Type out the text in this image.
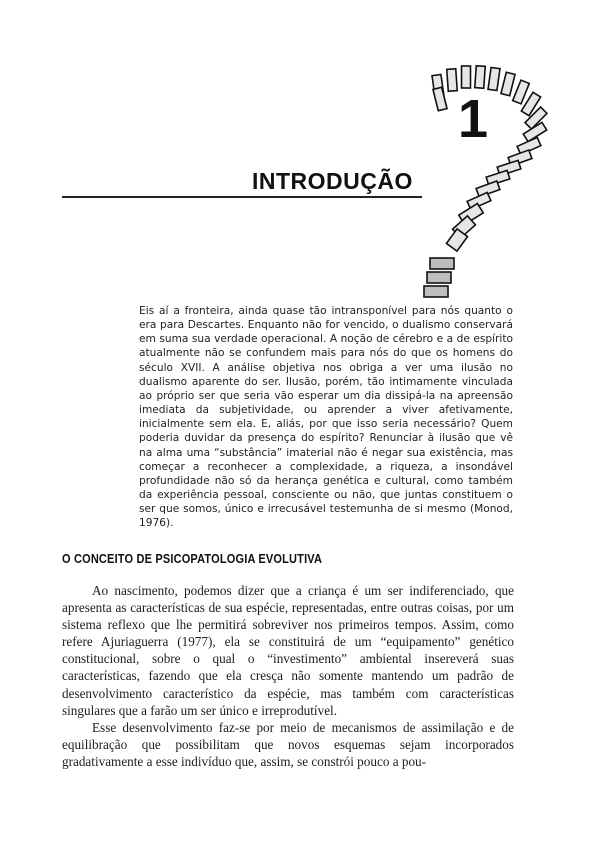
1
INTRODUÇÃO
Eis aí a fronteira, ainda quase tão intransponível para nós quanto o era para Descartes. Enquanto não for vencido, o dualismo conservará em suma sua verdade operacional. A noção de cérebro e a de espírito atualmente não se confundem mais para nós do que os homens do século XVII. A análise objetiva nos obriga a ver uma ilusão no dualismo aparente do ser. Ilusão, porém, tão intimamente vinculada ao próprio ser que seria vão esperar um dia dissipá-la na apreensão imediata da subjetividade, ou aprender a viver afetivamente, inicialmente sem ela. E, aliás, por que isso seria necessário? Quem poderia duvidar da presença do espírito? Renunciar à ilusão que vê na alma uma “substância” imaterial não é negar sua existência, mas começar a reconhecer a complexidade, a riqueza, a insondável profundidade não só da herança genética e cultural, como também da experiência pessoal, consciente ou não, que juntas constituem o ser que somos, único e irrecusável testemunha de si mesmo (Monod, 1976).
O CONCEITO DE PSICOPATOLOGIA EVOLUTIVA

Ao nascimento, podemos dizer que a criança é um ser indiferenciado, que apresenta as características de sua espécie, representadas, entre outras coisas, por um sistema reflexo que lhe permitirá sobreviver nos primeiros tempos. Assim, como refere Ajuriaguerra (1977), ela se constituirá de um “equipamento” genético constitucional, sobre o qual o “investimento” ambiental insereverá suas características, fazendo que ela cresça não somente mantendo um padrão de desenvolvimento característico da espécie, mas também com características singulares que a farão um ser único e irreprodutível.

Esse desenvolvimento faz-se por meio de mecanismos de assimilação e de equilibração que possibilitam que novos esquemas sejam incorporados gradativamente a esse indivíduo que, assim, se constrói pouco a pou-
